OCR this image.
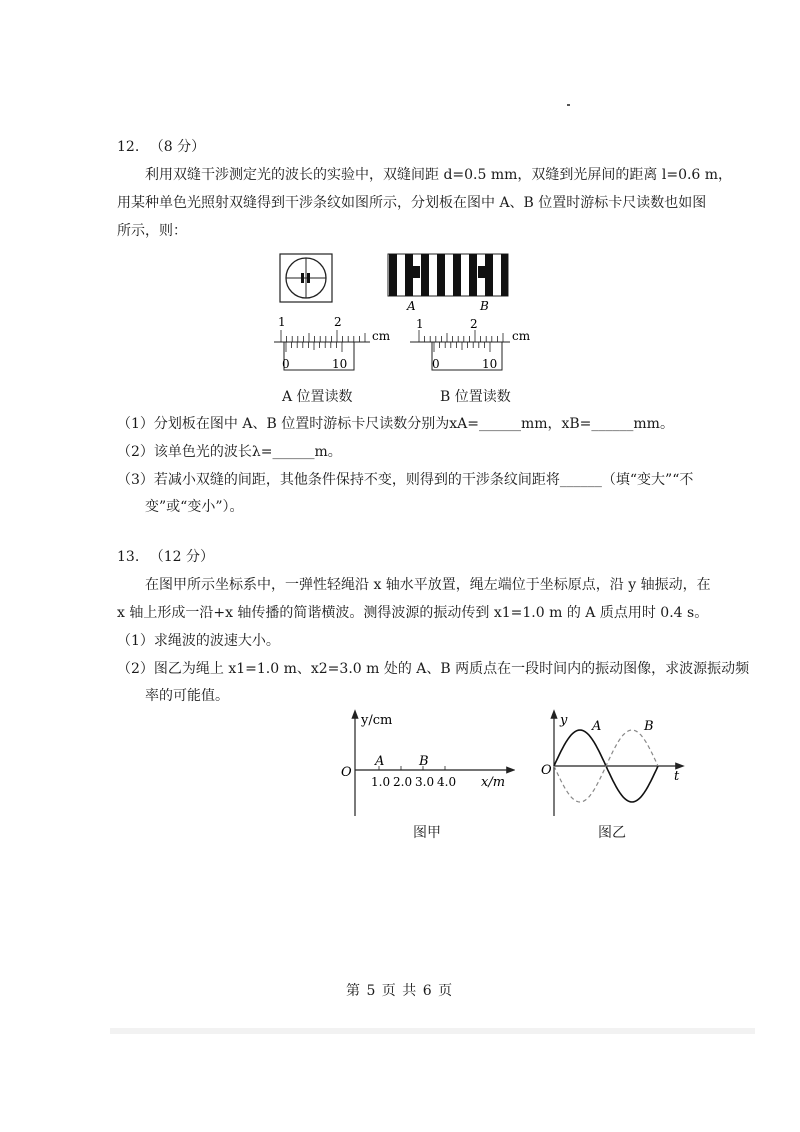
12. （8 分）
利用双缝干涉测定光的波长的实验中，双缝间距 d=0.5 mm，双缝到光屏间的距离 l=0.6 m，
用某种单色光照射双缝得到干涉条纹如图所示，分划板在图中 A、B 位置时游标卡尺读数也如图
所示，则：
A	B
1	2
cm
0	10
1	2
cm
0	10
A 位置读数	B 位置读数
（1）分划板在图中 A、B 位置时游标卡尺读数分别为xA=______mm，xB=______mm。
（2）该单色光的波长λ=______m。
（3）若减小双缝的间距，其他条件保持不变，则得到的干涉条纹间距将______（填“变大”“不
变”或“变小”）。
13. （12 分）
在图甲所示坐标系中，一弹性轻绳沿 x 轴水平放置，绳左端位于坐标原点，沿 y 轴振动，在
x 轴上形成一沿+x 轴传播的简谐横波。测得波源的振动传到 x1=1.0 m 的 A 质点用时 0.4 s。
（1）求绳波的波速大小。
（2）图乙为绳上 x1=1.0 m、x2=3.0 m 处的 A、B 两质点在一段时间内的振动图像，求波源振动频
率的可能值。
y/cm
x/m
O
1.0 2.0 3.0 4.0
A	B
图甲
y
t
O
A	B
图乙
第 5 页 共 6 页
